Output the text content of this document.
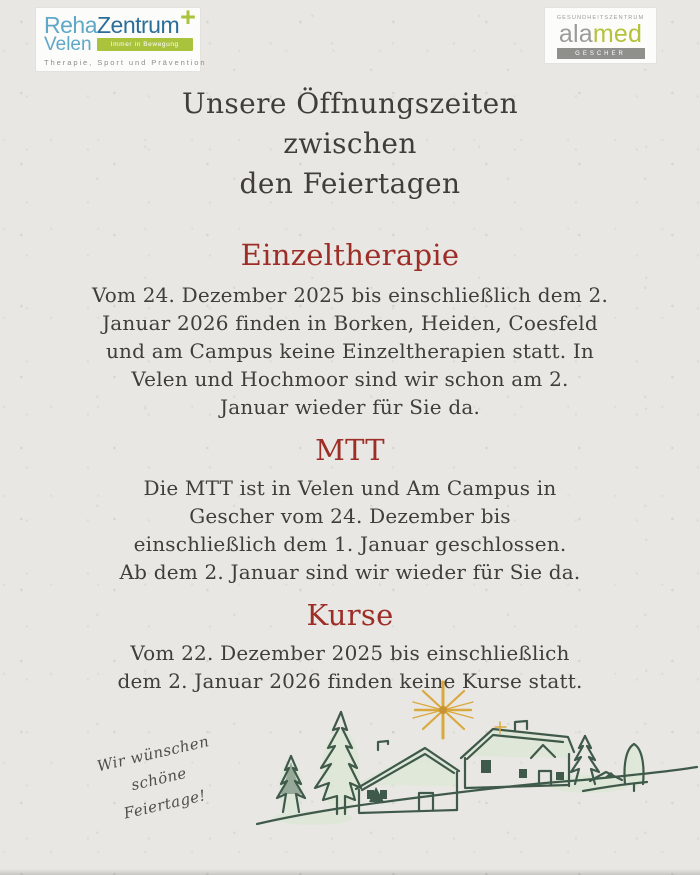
RehaZentrum+
Velen	Immer in Bewegung
Therapie, Sport und Prävention
GESUNDHEITSZENTRUM
alamed
GESCHER
Unsere Öffnungszeiten
zwischen
den Feiertagen
Einzeltherapie
Vom 24. Dezember 2025 bis einschließlich dem 2.
Januar 2026 finden in Borken, Heiden, Coesfeld
und am Campus keine Einzeltherapien statt. In
Velen und Hochmoor sind wir schon am 2.
Januar wieder für Sie da.
MTT
Die MTT ist in Velen und Am Campus in
Gescher vom 24. Dezember bis
einschließlich dem 1. Januar geschlossen.
Ab dem 2. Januar sind wir wieder für Sie da.
Kurse
Vom 22. Dezember 2025 bis einschließlich
dem 2. Januar 2026 finden keine Kurse statt.
Wir wünschen schöne
Feiertage!
